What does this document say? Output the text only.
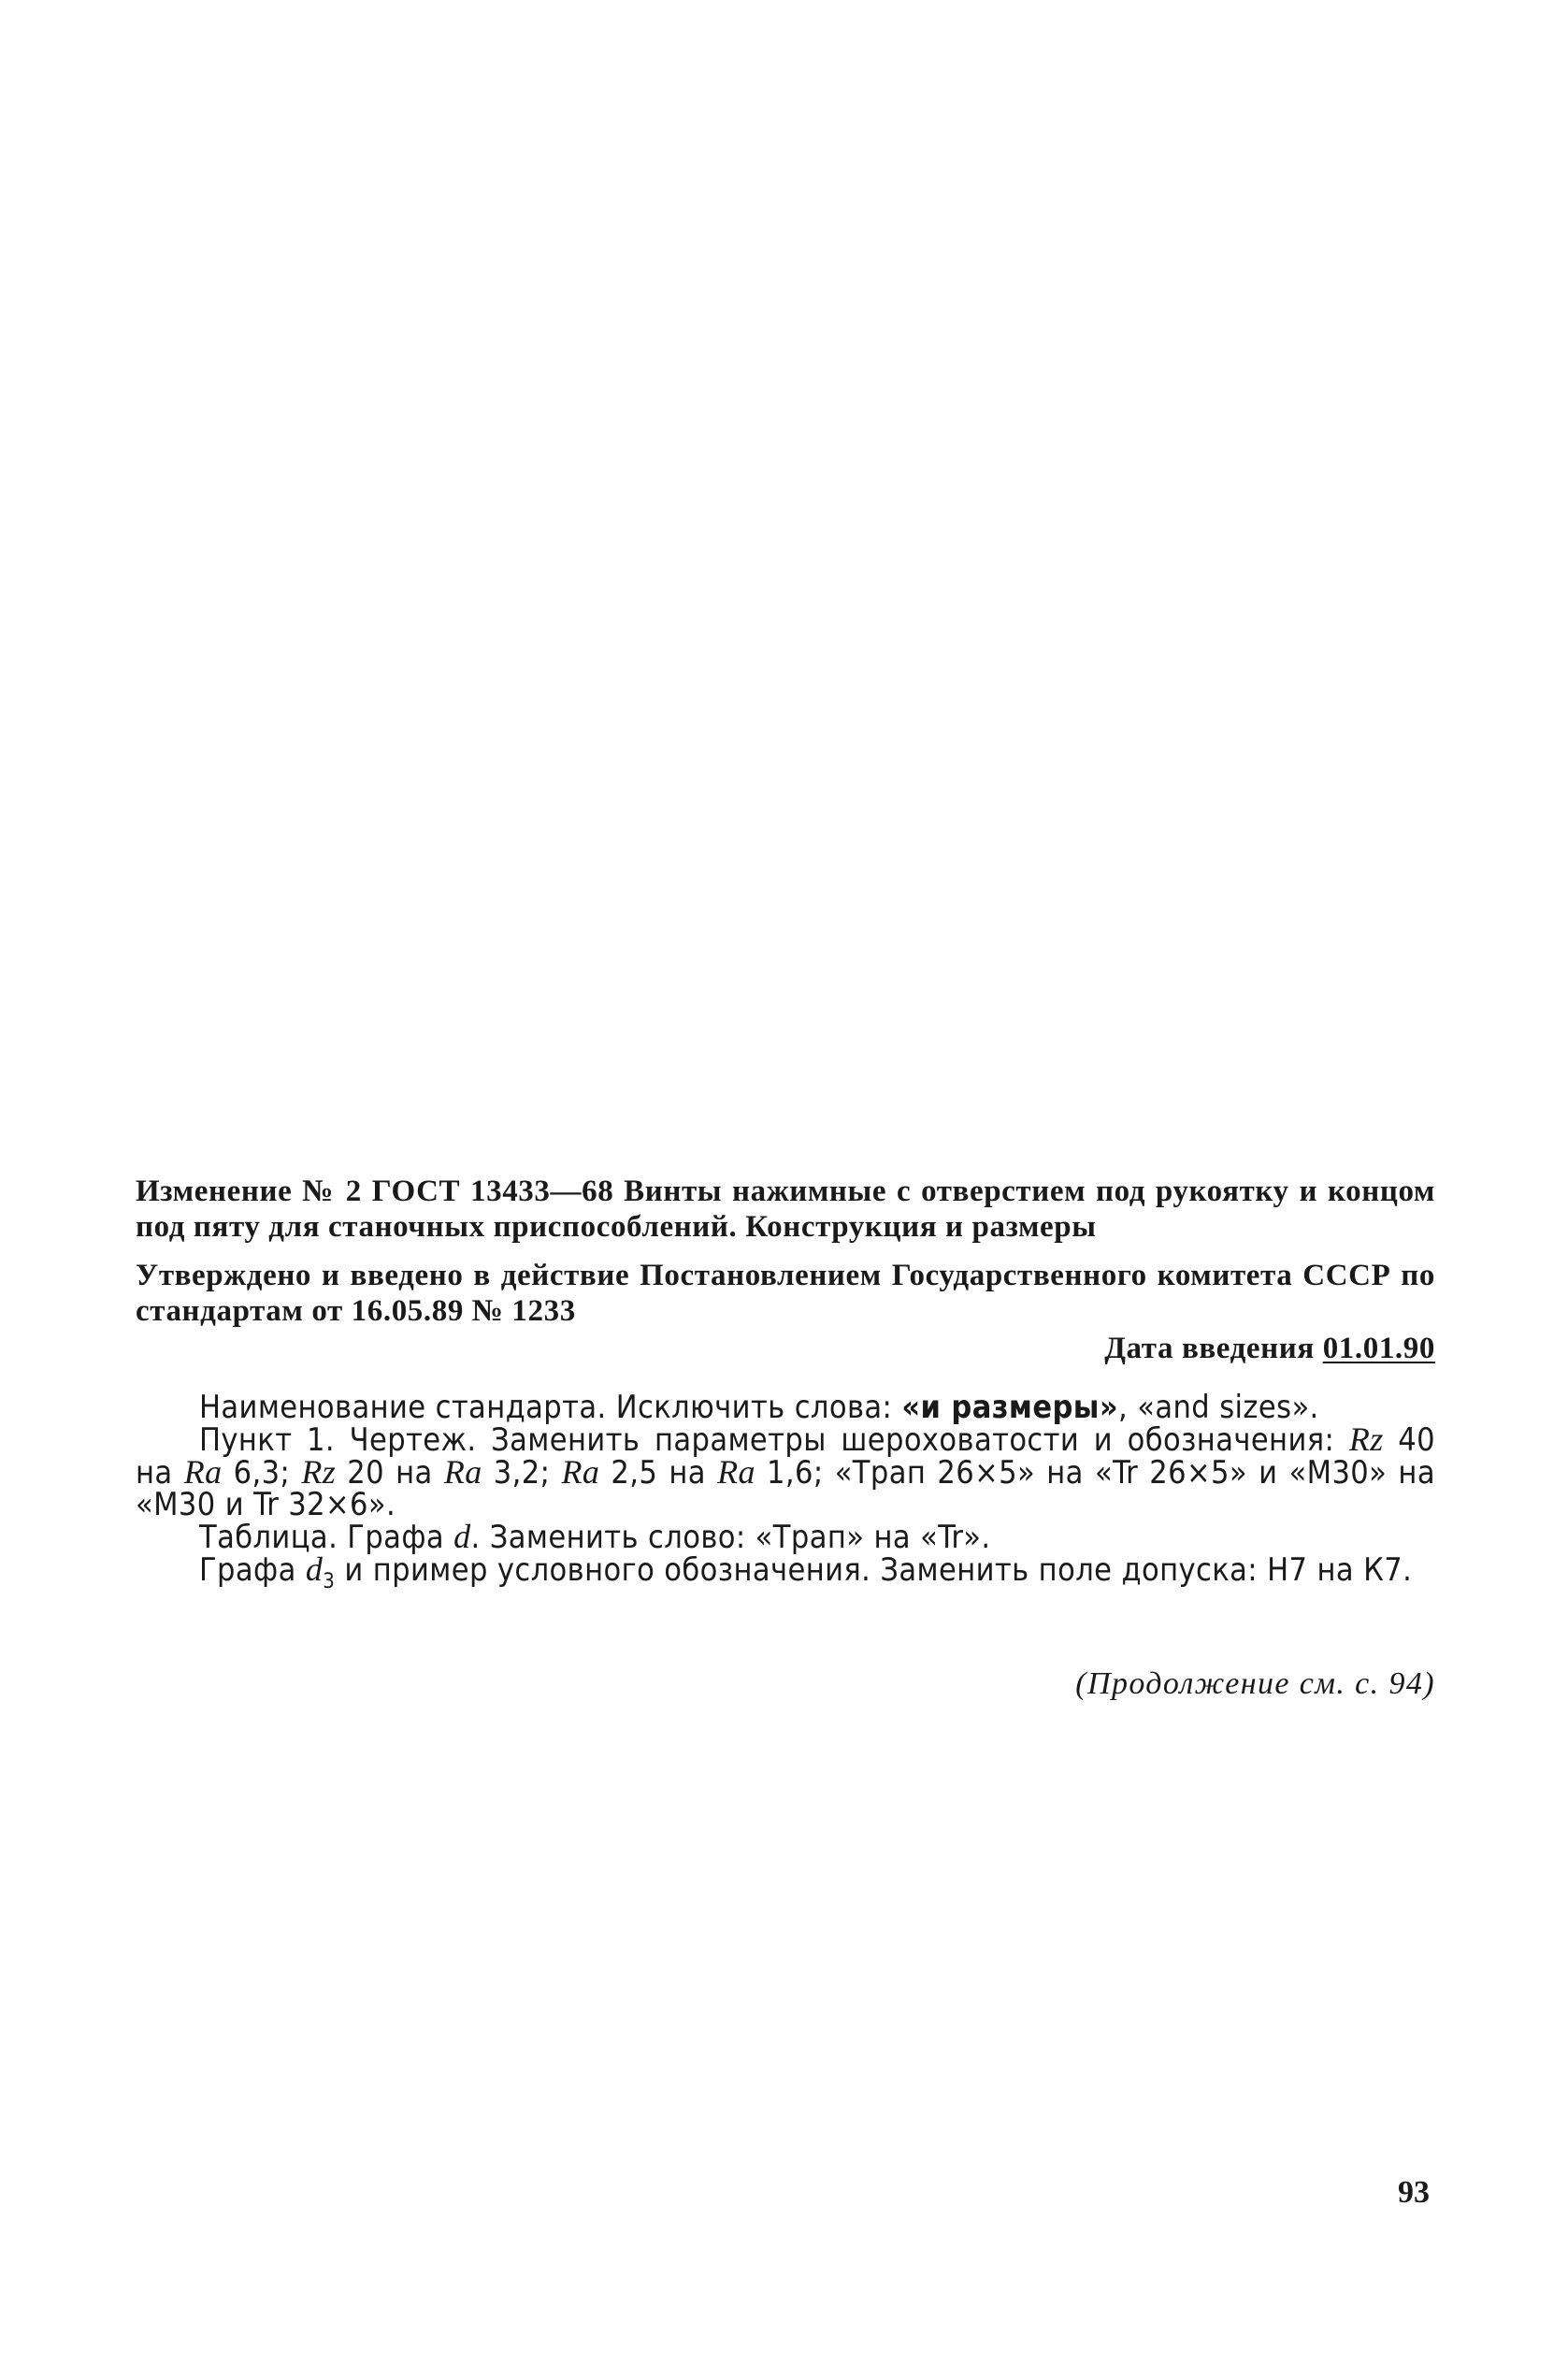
Изменение № 2 ГОСТ 13433—68 Винты нажимные с отверстием под рукоятку и концом под пяту для станочных приспособлений. Конструкция и размеры
Утверждено и введено в действие Постановлением Государственного комитета СССР по стандартам от 16.05.89 № 1233
Дата введения 01.01.90

Наименование стандарта. Исключить слова: «и размеры», «and sizes».

Пункт 1. Чертеж. Заменить параметры шероховатости и обозначения: Rz 40 на Ra 6,3; Rz 20 на Ra 3,2; Ra 2,5 на Ra 1,6; «Трап 26×5» на «Tr 26×5» и «М30» на «М30 и Tr 32×6».

Таблица. Графа d. Заменить слово: «Трап» на «Tr».

Графа $d_3$ и пример условного обозначения. Заменить поле допуска: Н7 на К7.

(Продолжение см. с. 94)
93
